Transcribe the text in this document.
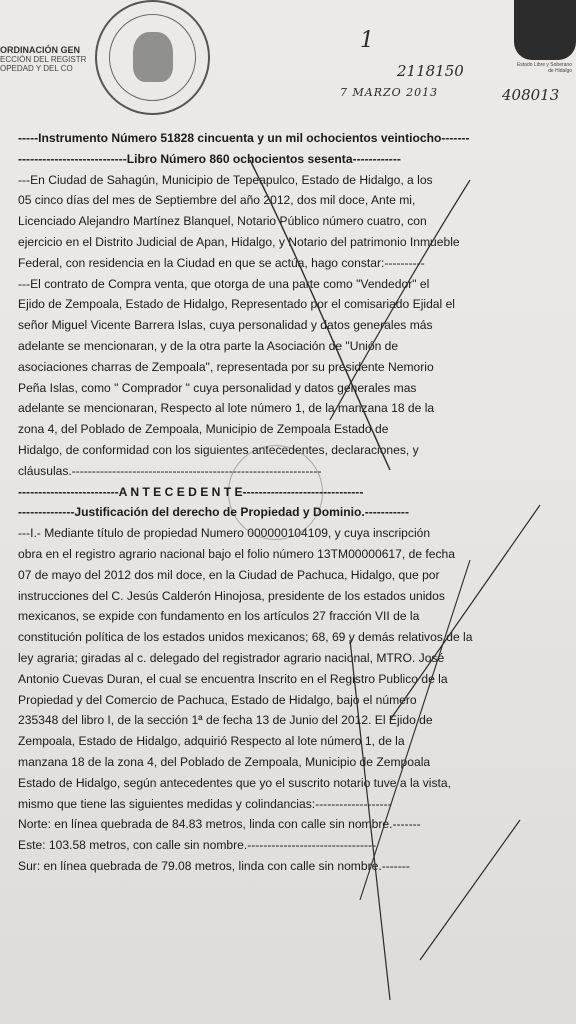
ORDINACIÓN GEN
ECCIÓN DEL REGISTR
OPEDAD Y DEL CO	Estado Libre y Soberano
de Hidalgo
1
2118150
7 MARZO 2013	408013
-----Instrumento Número 51828 cincuenta y un mil ochocientos veintiocho-------
---------------------------Libro Número 860 ochocientos sesenta------------
---En Ciudad de Sahagún, Municipio de Tepeapulco, Estado de Hidalgo, a los
05 cinco días del mes de Septiembre del año 2012, dos mil doce, Ante mi,
Licenciado Alejandro Martínez Blanquel, Notario Público número cuatro, con
ejercicio en el Distrito Judicial de Apan, Hidalgo, y Notario del patrimonio Inmueble
Federal, con residencia en la Ciudad en que se actúa, hago constar:----------
---El contrato de Compra venta, que otorga de una parte como "Vendedor" el
Ejido de Zempoala, Estado de Hidalgo, Representado por el comisariado Ejidal el
señor Miguel Vicente Barrera Islas, cuya personalidad y datos generales más
adelante se mencionaran, y de la otra parte la Asociación de "Unión de
asociaciones charras de Zempoala", representada por su presidente Nemorio
Peña Islas, como " Comprador " cuya personalidad y datos generales mas
adelante se mencionaran, Respecto al lote número 1, de la manzana 18 de la
zona 4, del Poblado de Zempoala, Municipio de Zempoala Estado de
Hidalgo, de conformidad con los siguientes antecedentes, declaraciones, y
cláusulas.--------------------------------------------------------------
-------------------------A N T E C E D E N T E------------------------------
--------------Justificación del derecho de Propiedad y Dominio.-----------
---I.- Mediante título de propiedad Numero 000000104109, y cuya inscripción
obra en el registro agrario nacional bajo el folio número 13TM00000617, de fecha
07 de mayo del 2012 dos mil doce, en la Ciudad de Pachuca, Hidalgo, que por
instrucciones del C. Jesús Calderón Hinojosa, presidente de los estados unidos
mexicanos, se expide con fundamento en los artículos 27 fracción VII de la
constitución política de los estados unidos mexicanos; 68, 69 y demás relativos de la
ley agraria; giradas al c. delegado del registrador agrario nacional, MTRO. José
Antonio Cuevas Duran, el cual se encuentra Inscrito en el Registro Publico de la
Propiedad y del Comercio de Pachuca, Estado de Hidalgo, bajo el número
235348 del libro I, de la sección 1ª de fecha 13 de Junio del 2012. El Ejido de
Zempoala, Estado de Hidalgo, adquirió Respecto al lote número 1, de la
manzana 18 de la zona 4, del Poblado de Zempoala, Municipio de Zempoala
Estado de Hidalgo, según antecedentes que yo el suscrito notario tuve a la vista,
mismo que tiene las siguientes medidas y colindancias:-------------------
Norte: en línea quebrada de 84.83 metros, linda con calle sin nombre.-------
Este: 103.58 metros, con calle sin nombre.--------------------------------
Sur: en línea quebrada de 79.08 metros, linda con calle sin nombre.-------
